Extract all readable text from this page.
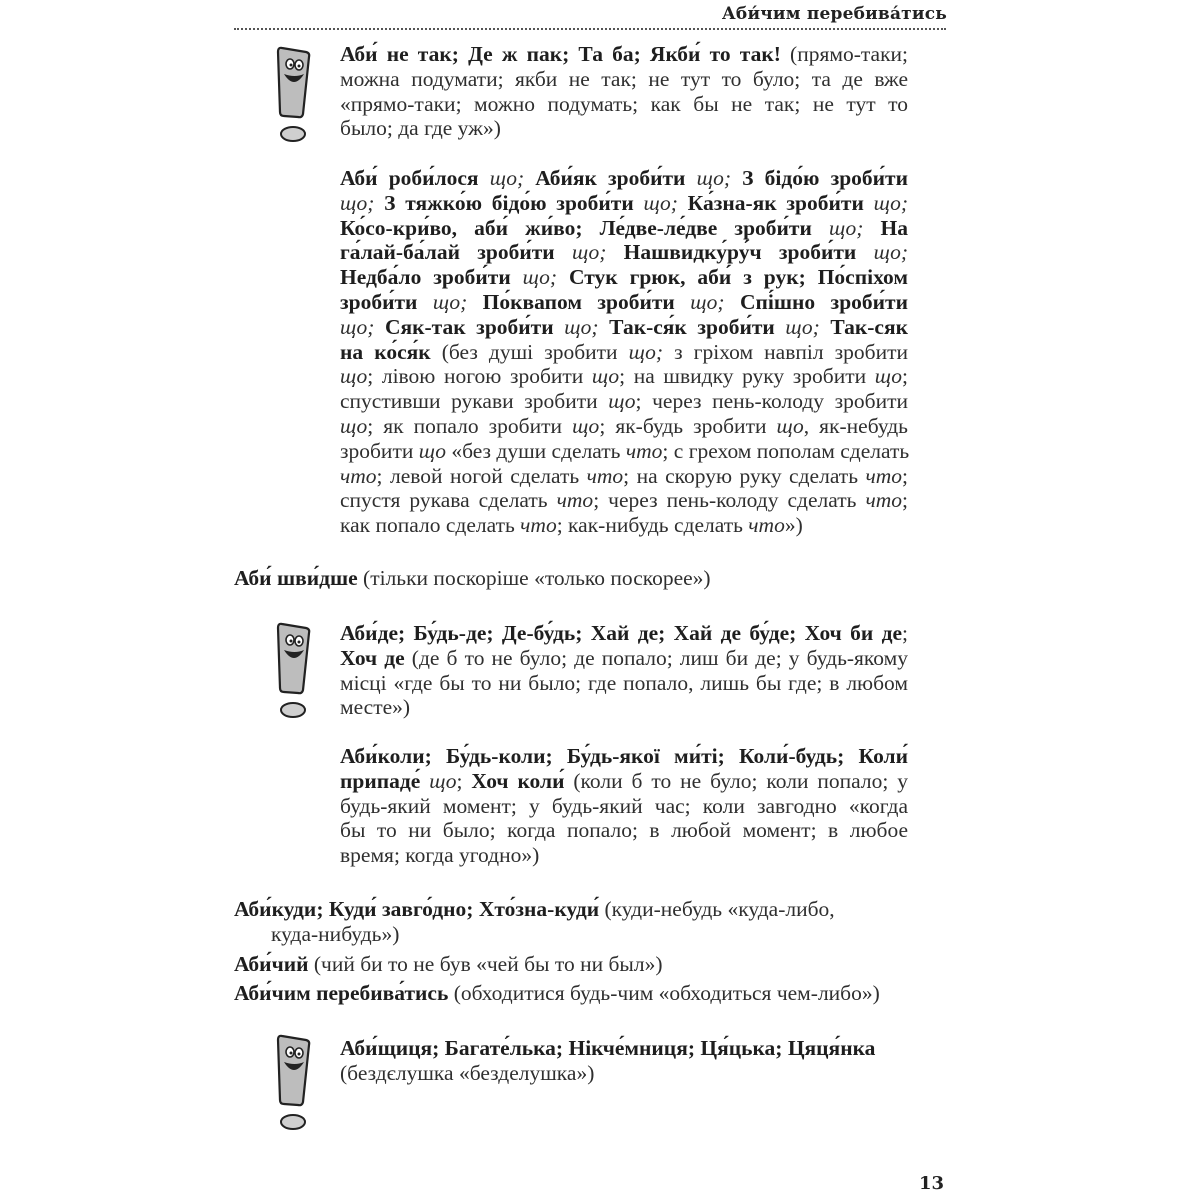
Аби́чим перебива́тись
Аби́ не так; Де ж пак; Та ба; Якби́ то так! (прямо-таки;
можна подумати; якби не так; не тут то було; та де вже
«прямо-таки; можно подумать; как бы не так; не тут то
было; да где уж»)
Аби́ роби́лося що; Аби́як зроби́ти що; З бідо́ю зроби́ти
що; З тяжко́ю бідо́ю зроби́ти що; Ка́зна-як зроби́ти що;
Ко́со-кри́во, аби́ жи́во; Ле́две-ле́две зроби́ти що; На
га́лай-ба́лай зроби́ти що; Нашвидку́ру́ч зроби́ти що;
Недба́ло зроби́ти що; Стук грюк, аби́ з рук; По́спіхом
зроби́ти що; По́квапом зроби́ти що; Спі́шно зроби́ти
що; Сяк-так зроби́ти що; Так-ся́к зроби́ти що; Так-сяк
на ко́ся́к (без душі зробити що; з гріхом навпіл зробити
що; лівою ногою зробити що; на швидку руку зробити що;
спустивши рукави зробити що; через пень-колоду зробити
що; як попало зробити що; як-будь зробити що, як-небудь
зробити що «без души сделать что; с грехом пополам сделать
что; левой ногой сделать что; на скорую руку сделать что;
спустя рукава сделать что; через пень-колоду сделать что;
как попало сделать что; как-нибудь сделать что»)
Аби́ шви́дше (тільки поскоріше «только поскорее»)
Аби́де; Бу́дь-де; Де-бу́дь; Хай де; Хай де бу́де; Хоч би де;
Хоч де (де б то не було; де попало; лиш би де; у будь-якому
місці «где бы то ни было; где попало, лишь бы где; в любом
месте»)
Аби́коли; Бу́дь-коли; Бу́дь-якої ми́ті; Коли́-будь; Коли́
припаде́ що; Хоч коли́ (коли б то не було; коли попало; у
будь-який момент; у будь-який час; коли завгодно «когда
бы то ни было; когда попало; в любой момент; в любое
время; когда угодно»)
Аби́куди; Куди́ завго́дно; Хто́зна-куди́ (куди-небудь «куда-либо,
куда-нибудь»)
Аби́чий (чий би то не був «чей бы то ни был»)
Аби́чим перебива́тись (обходитися будь-чим «обходиться чем-либо»)
Аби́щиця; Багате́лька; Нікче́мниця; Ця́цька; Цяця́нка
(бездєлушка «безделушка»)
13
